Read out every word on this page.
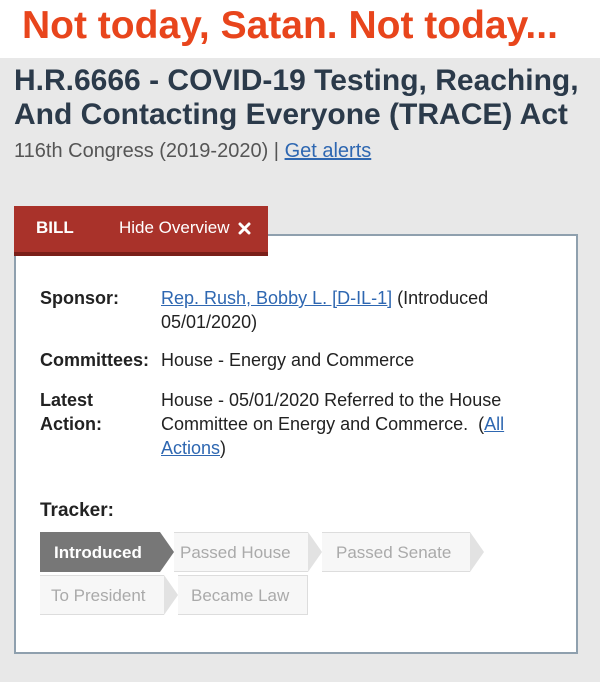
Not today, Satan. Not today...
H.R.6666 - COVID-19 Testing, Reaching, And Contacting Everyone (TRACE) Act
116th Congress (2019-2020) | Get alerts
BILL	Hide Overview
Sponsor: Rep. Rush, Bobby L. [D-IL-1] (Introduced 05/01/2020)
Committees: House - Energy and Commerce
Latest
Action:
House - 05/01/2020 Referred to the House Committee on Energy and Commerce.  (All Actions)
Tracker:
Introduced	Passed House	Passed Senate
To President	Became Law
